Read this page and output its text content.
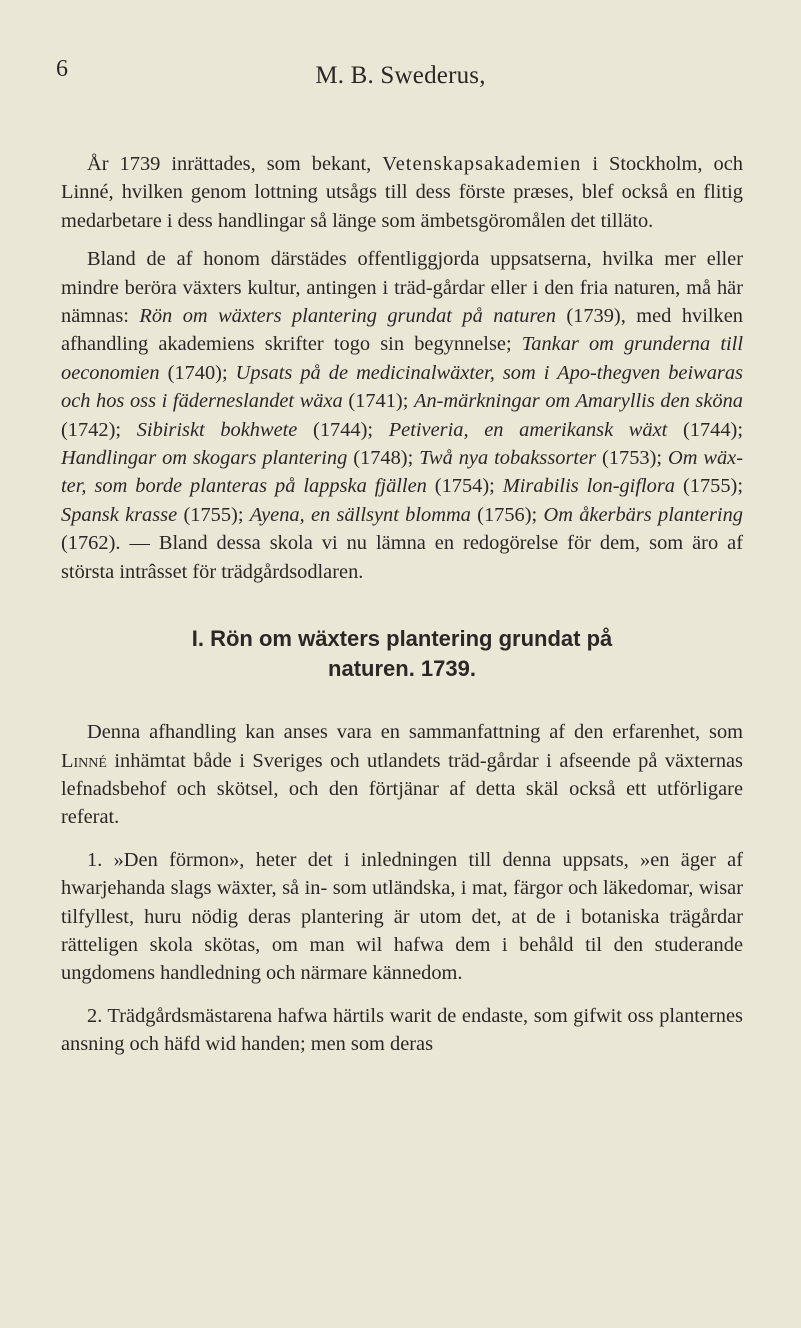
6	M. B. Swederus,

År 1739 inrättades, som bekant, Vetenskapsakademien i Stockholm, och Linné, hvilken genom lottning utsågs till dess förste præses, blef också en flitig medarbetare i dess handlingar så länge som ämbetsgöromålen det tilläto.

Bland de af honom därstädes offentliggjorda uppsatserna, hvilka mer eller mindre beröra växters kultur, antingen i träd-gårdar eller i den fria naturen, må här nämnas: Rön om wäxters plantering grundat på naturen (1739), med hvilken afhandling akademiens skrifter togo sin begynnelse; Tankar om grunderna till oeconomien (1740); Upsats på de medicinalwäxter, som i Apo-thegven beiwaras och hos oss i fäderneslandet wäxa (1741); An-märkningar om Amaryllis den sköna (1742); Sibiriskt bokhwete (1744); Petiveria, en amerikansk wäxt (1744); Handlingar om skogars plantering (1748); Twå nya tobakssorter (1753); Om wäx-ter, som borde planteras på lappska fjällen (1754); Mirabilis lon-giflora (1755); Spansk krasse (1755); Ayena, en sällsynt blomma (1756); Om åkerbärs plantering (1762). — Bland dessa skola vi nu lämna en redogörelse för dem, som äro af största intrâsset för trädgårdsodlaren.

I. Rön om wäxters plantering grundat på
naturen. 1739.

Denna afhandling kan anses vara en sammanfattning af den erfarenhet, som Linné inhämtat både i Sveriges och utlandets träd-gårdar i afseende på växternas lefnadsbehof och skötsel, och den förtjänar af detta skäl också ett utförligare referat.

1. »Den förmon», heter det i inledningen till denna uppsats, »en äger af hwarjehanda slags wäxter, så in- som utländska, i mat, färgor och läkedomar, wisar tilfyllest, huru nödig deras plantering är utom det, at de i botaniska trägårdar rätteligen skola skötas, om man wil hafwa dem i behåld til den studerande ungdomens handledning och närmare kännedom.

2. Trädgårdsmästarena hafwa härtils warit de endaste, som gifwit oss planternes ansning och häfd wid handen; men som deras
